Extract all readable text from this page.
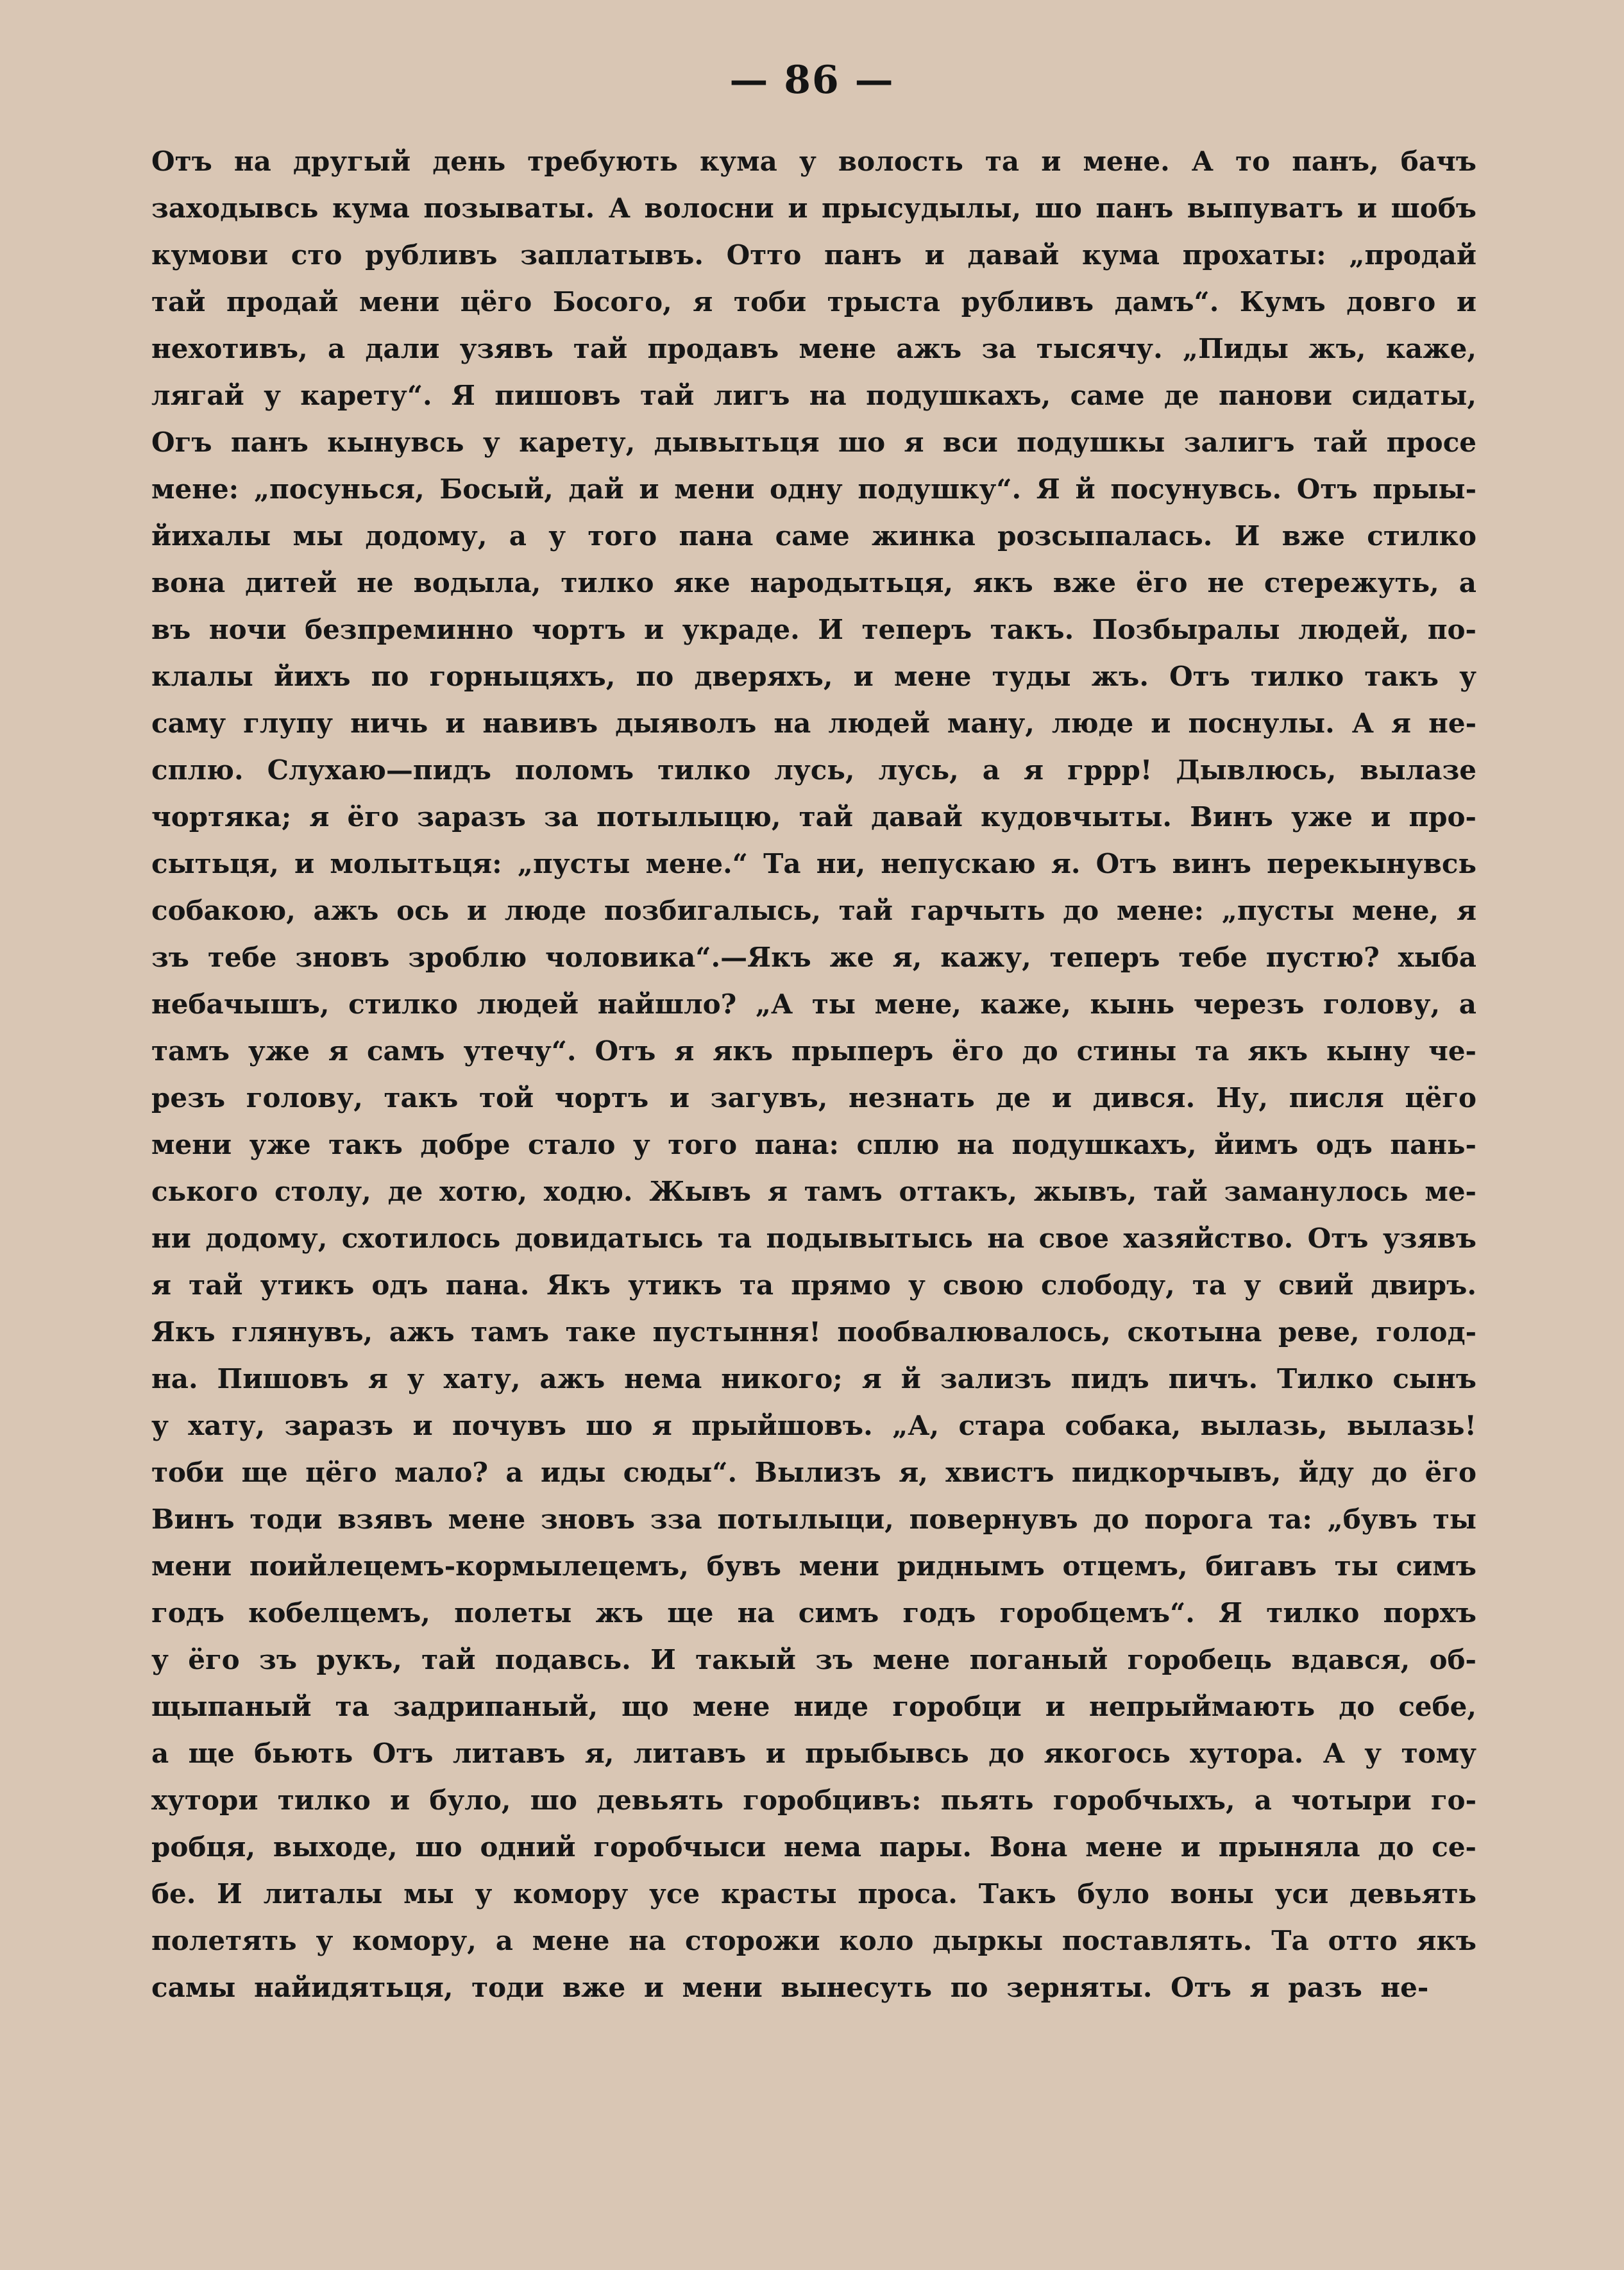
— 86 —
Отъ на другый день требують кума у волость та и мене. А то панъ, бачъ
заходывсь кума позываты. А волосни и прысудылы, шо панъ выпуватъ и шобъ
кумови сто рубливъ заплатывъ. Отто панъ и давай кума прохаты: „продай
тай продай мени цёго Босого, я тоби трыста рубливъ дамъ“. Кумъ довго и
нехотивъ, а дали узявъ тай продавъ мене ажъ за тысячу. „Пиды жъ, каже,
лягай у карету“. Я пишовъ тай лигъ на подушкахъ, саме де панови сидаты,
Огъ панъ кынувсь у карету, дывытьця шо я вси подушкы залигъ тай просе
мене: „посунься, Босый, дай и мени одну подушку“. Я й посунувсь. Отъ прыы-
йихалы мы додому, а у того пана саме жинка розсыпалась. И вже стилко
вона дитей не водыла, тилко яке народытьця, якъ вже ёго не стережуть, а
въ ночи безпреминно чортъ и украде. И теперъ такъ. Позбыралы людей, по-
клалы йихъ по горныцяхъ, по дверяхъ, и мене туды жъ. Отъ тилко такъ у
саму глупу ничь и навивъ дыяволъ на людей ману, люде и поснулы. А я не-
сплю. Слухаю—пидъ поломъ тилко лусь, лусь, а я гррр! Дывлюсь, вылазе
чортяка; я ёго заразъ за потылыцю, тай давай кудовчыты. Винъ уже и про-
сытьця, и молытьця: „пусты мене.“ Та ни, непускаю я. Отъ винъ перекынувсь
собакою, ажъ ось и люде позбигалысь, тай гарчыть до мене: „пусты мене, я
зъ тебе зновъ зроблю чоловика“.—Якъ же я, кажу, теперъ тебе пустю? хыба
небачышъ, стилко людей найшло? „А ты мене, каже, кынь черезъ голову, а
тамъ уже я самъ утечу“. Отъ я якъ прыперъ ёго до стины та якъ кыну че-
резъ голову, такъ той чортъ и загувъ, незнать де и дився. Ну, писля цёго
мени уже такъ добре стало у того пана: сплю на подушкахъ, йимъ одъ пань-
ського столу, де хотю, ходю. Жывъ я тамъ оттакъ, жывъ, тай заманулось ме-
ни додому, схотилось довидатысь та подывытысь на свое хазяйство. Отъ узявъ
я тай утикъ одъ пана. Якъ утикъ та прямо у свою слободу, та у свий двиръ.
Якъ глянувъ, ажъ тамъ таке пустыння! пообвалювалось, скотына реве, голод-
на. Пишовъ я у хату, ажъ нема никого; я й зализъ пидъ пичъ. Тилко сынъ
у хату, заразъ и почувъ шо я прыйшовъ. „А, стара собака, вылазь, вылазь!
тоби ще цёго мало? а иды сюды“. Вылизъ я, хвистъ пидкорчывъ, йду до ёго
Винъ тоди взявъ мене зновъ зза потылыци, повернувъ до порога та: „бувъ ты
мени поийлецемъ-кормылецемъ, бувъ мени риднымъ отцемъ, бигавъ ты симъ
годъ кобелцемъ, полеты жъ ще на симъ годъ горобцемъ“. Я тилко порхъ
у ёго зъ рукъ, тай подавсь. И такый зъ мене поганый горобець вдався, об-
щыпаный та задрипаный, що мене ниде горобци и непрыймають до себе,
а ще бьють Отъ литавъ я, литавъ и прыбывсь до якогось хутора. А у тому
хутори тилко и було, шо девьять горобцивъ: пьять горобчыхъ, а чотыри го-
робця, выходе, шо одний горобчыси нема пары. Вона мене и прыняла до се-
бе. И литалы мы у комору усе красты проса. Такъ було воны уси девьять
полетять у комору, а мене на сторожи коло дыркы поставлять. Та отто якъ
самы найидятьця, тоди вже и мени вынесуть по зерняты. Отъ я разъ не-
